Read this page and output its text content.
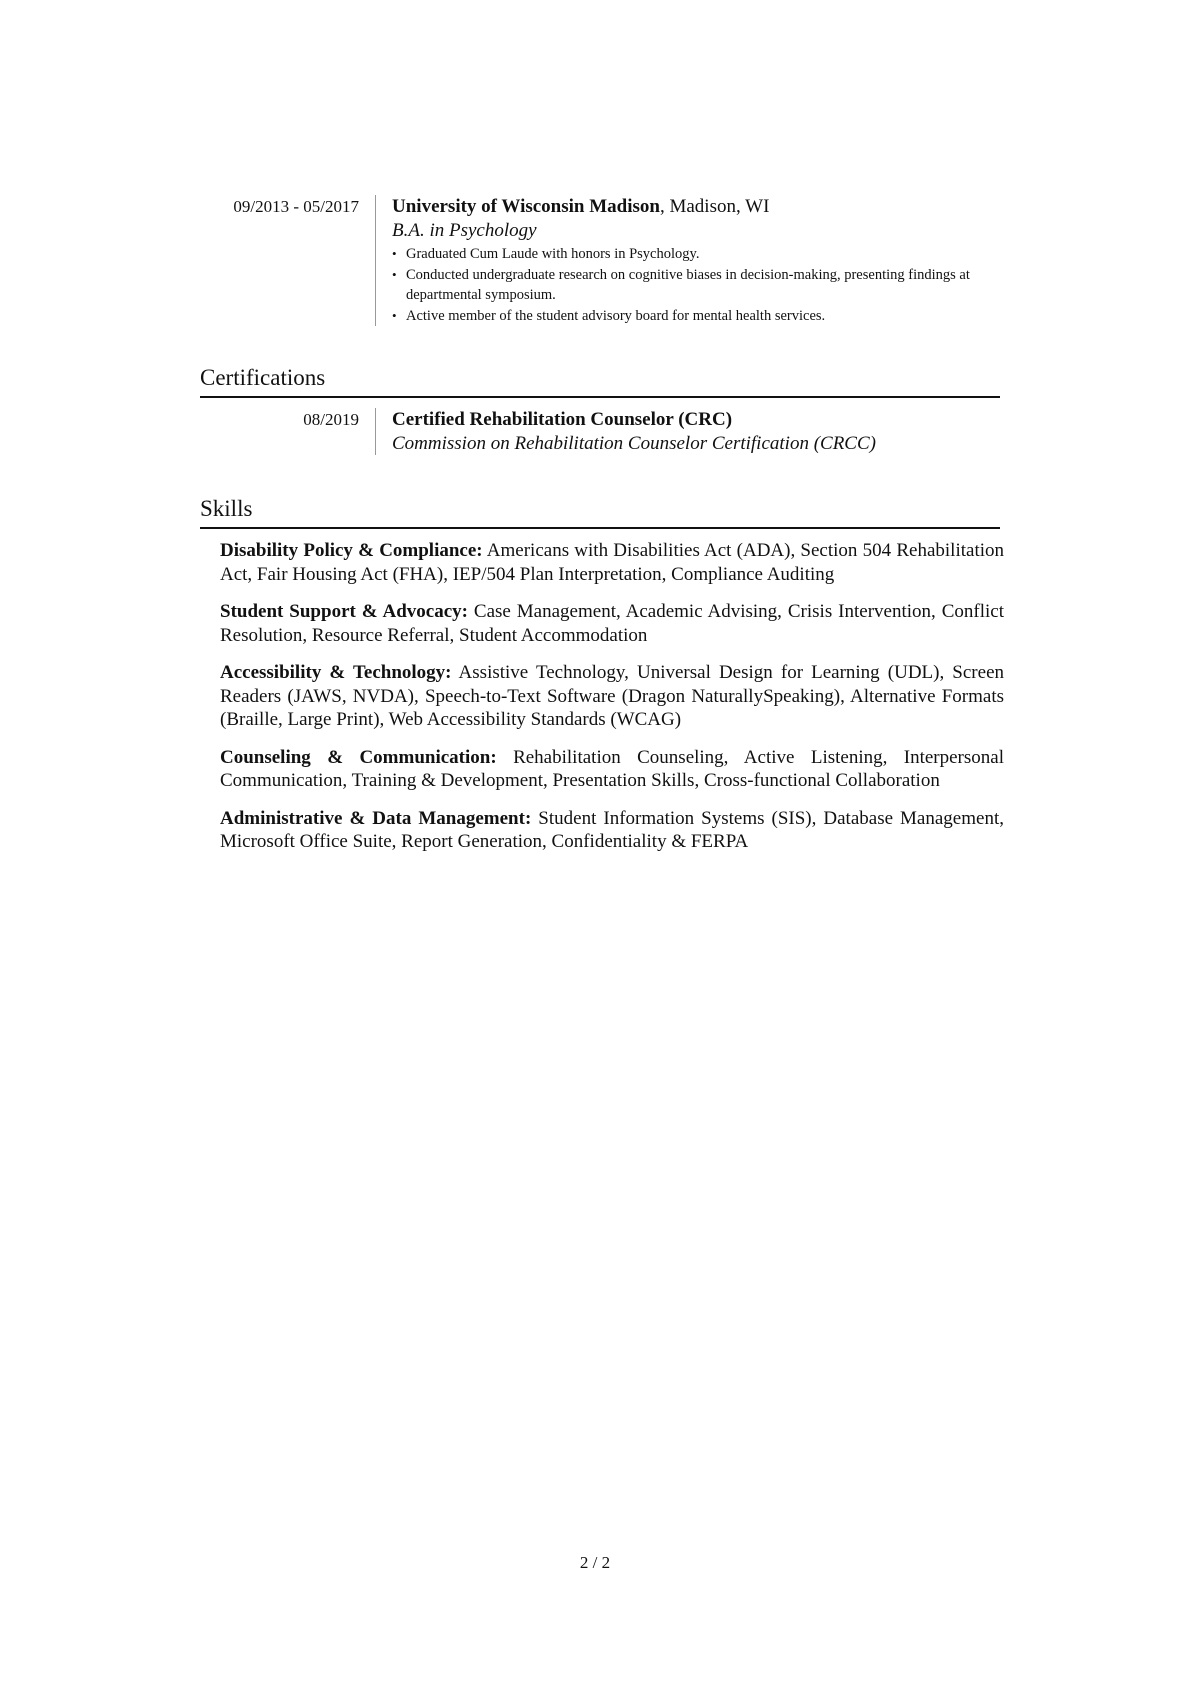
09/2013 - 05/2017	University of Wisconsin Madison, Madison, WI
B.A. in Psychology
• Graduated Cum Laude with honors in Psychology.
• Conducted undergraduate research on cognitive biases in decision-making, presenting findings at departmental symposium.
• Active member of the student advisory board for mental health services.
Certifications
08/2019	Certified Rehabilitation Counselor (CRC)
Commission on Rehabilitation Counselor Certification (CRCC)
Skills
Disability Policy & Compliance: Americans with Disabilities Act (ADA), Section 504 Rehabilitation Act, Fair Housing Act (FHA), IEP/504 Plan Interpretation, Compliance Auditing
Student Support & Advocacy: Case Management, Academic Advising, Crisis Intervention, Conflict Resolution, Resource Referral, Student Accommodation
Accessibility & Technology: Assistive Technology, Universal Design for Learning (UDL), Screen Readers (JAWS, NVDA), Speech-to-Text Software (Dragon NaturallySpeaking), Alternative Formats (Braille, Large Print), Web Accessibility Standards (WCAG)
Counseling & Communication: Rehabilitation Counseling, Active Listening, Interpersonal Communication, Training & Development, Presentation Skills, Cross-functional Collaboration
Administrative & Data Management: Student Information Systems (SIS), Database Management, Microsoft Office Suite, Report Generation, Confidentiality & FERPA
2 / 2
